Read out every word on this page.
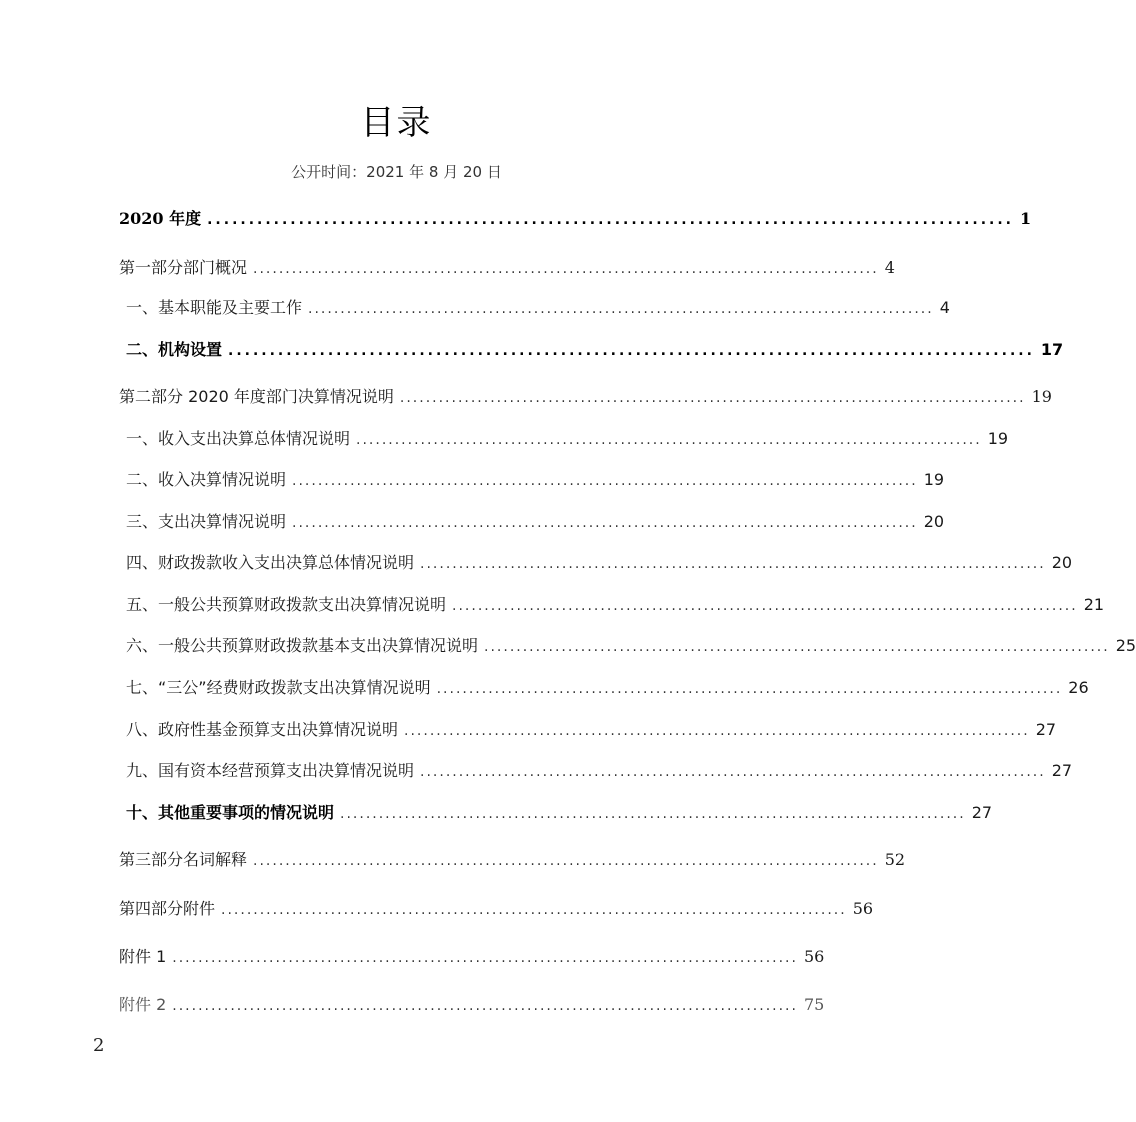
目录
公开时间：2021 年 8 月 20 日
2020 年度 ................................................................................................. 1
第一部分部门概况 ................................................................................................. 4
一、基本职能及主要工作 ................................................................................................. 4
二、机构设置 ................................................................................................. 17
第二部分 2020 年度部门决算情况说明 ................................................................................................. 19
一、收入支出决算总体情况说明 ................................................................................................. 19
二、收入决算情况说明 ................................................................................................. 19
三、支出决算情况说明 ................................................................................................. 20
四、财政拨款收入支出决算总体情况说明 ................................................................................................. 20
五、一般公共预算财政拨款支出决算情况说明 ................................................................................................. 21
六、一般公共预算财政拨款基本支出决算情况说明 ................................................................................................. 25
七、“三公”经费财政拨款支出决算情况说明 ................................................................................................. 26
八、政府性基金预算支出决算情况说明 ................................................................................................. 27
九、国有资本经营预算支出决算情况说明 ................................................................................................. 27
十、其他重要事项的情况说明 ................................................................................................. 27
第三部分名词解释 ................................................................................................. 52
第四部分附件 ................................................................................................. 56
附件 1 ................................................................................................. 56
附件 2 ................................................................................................. 75
2
